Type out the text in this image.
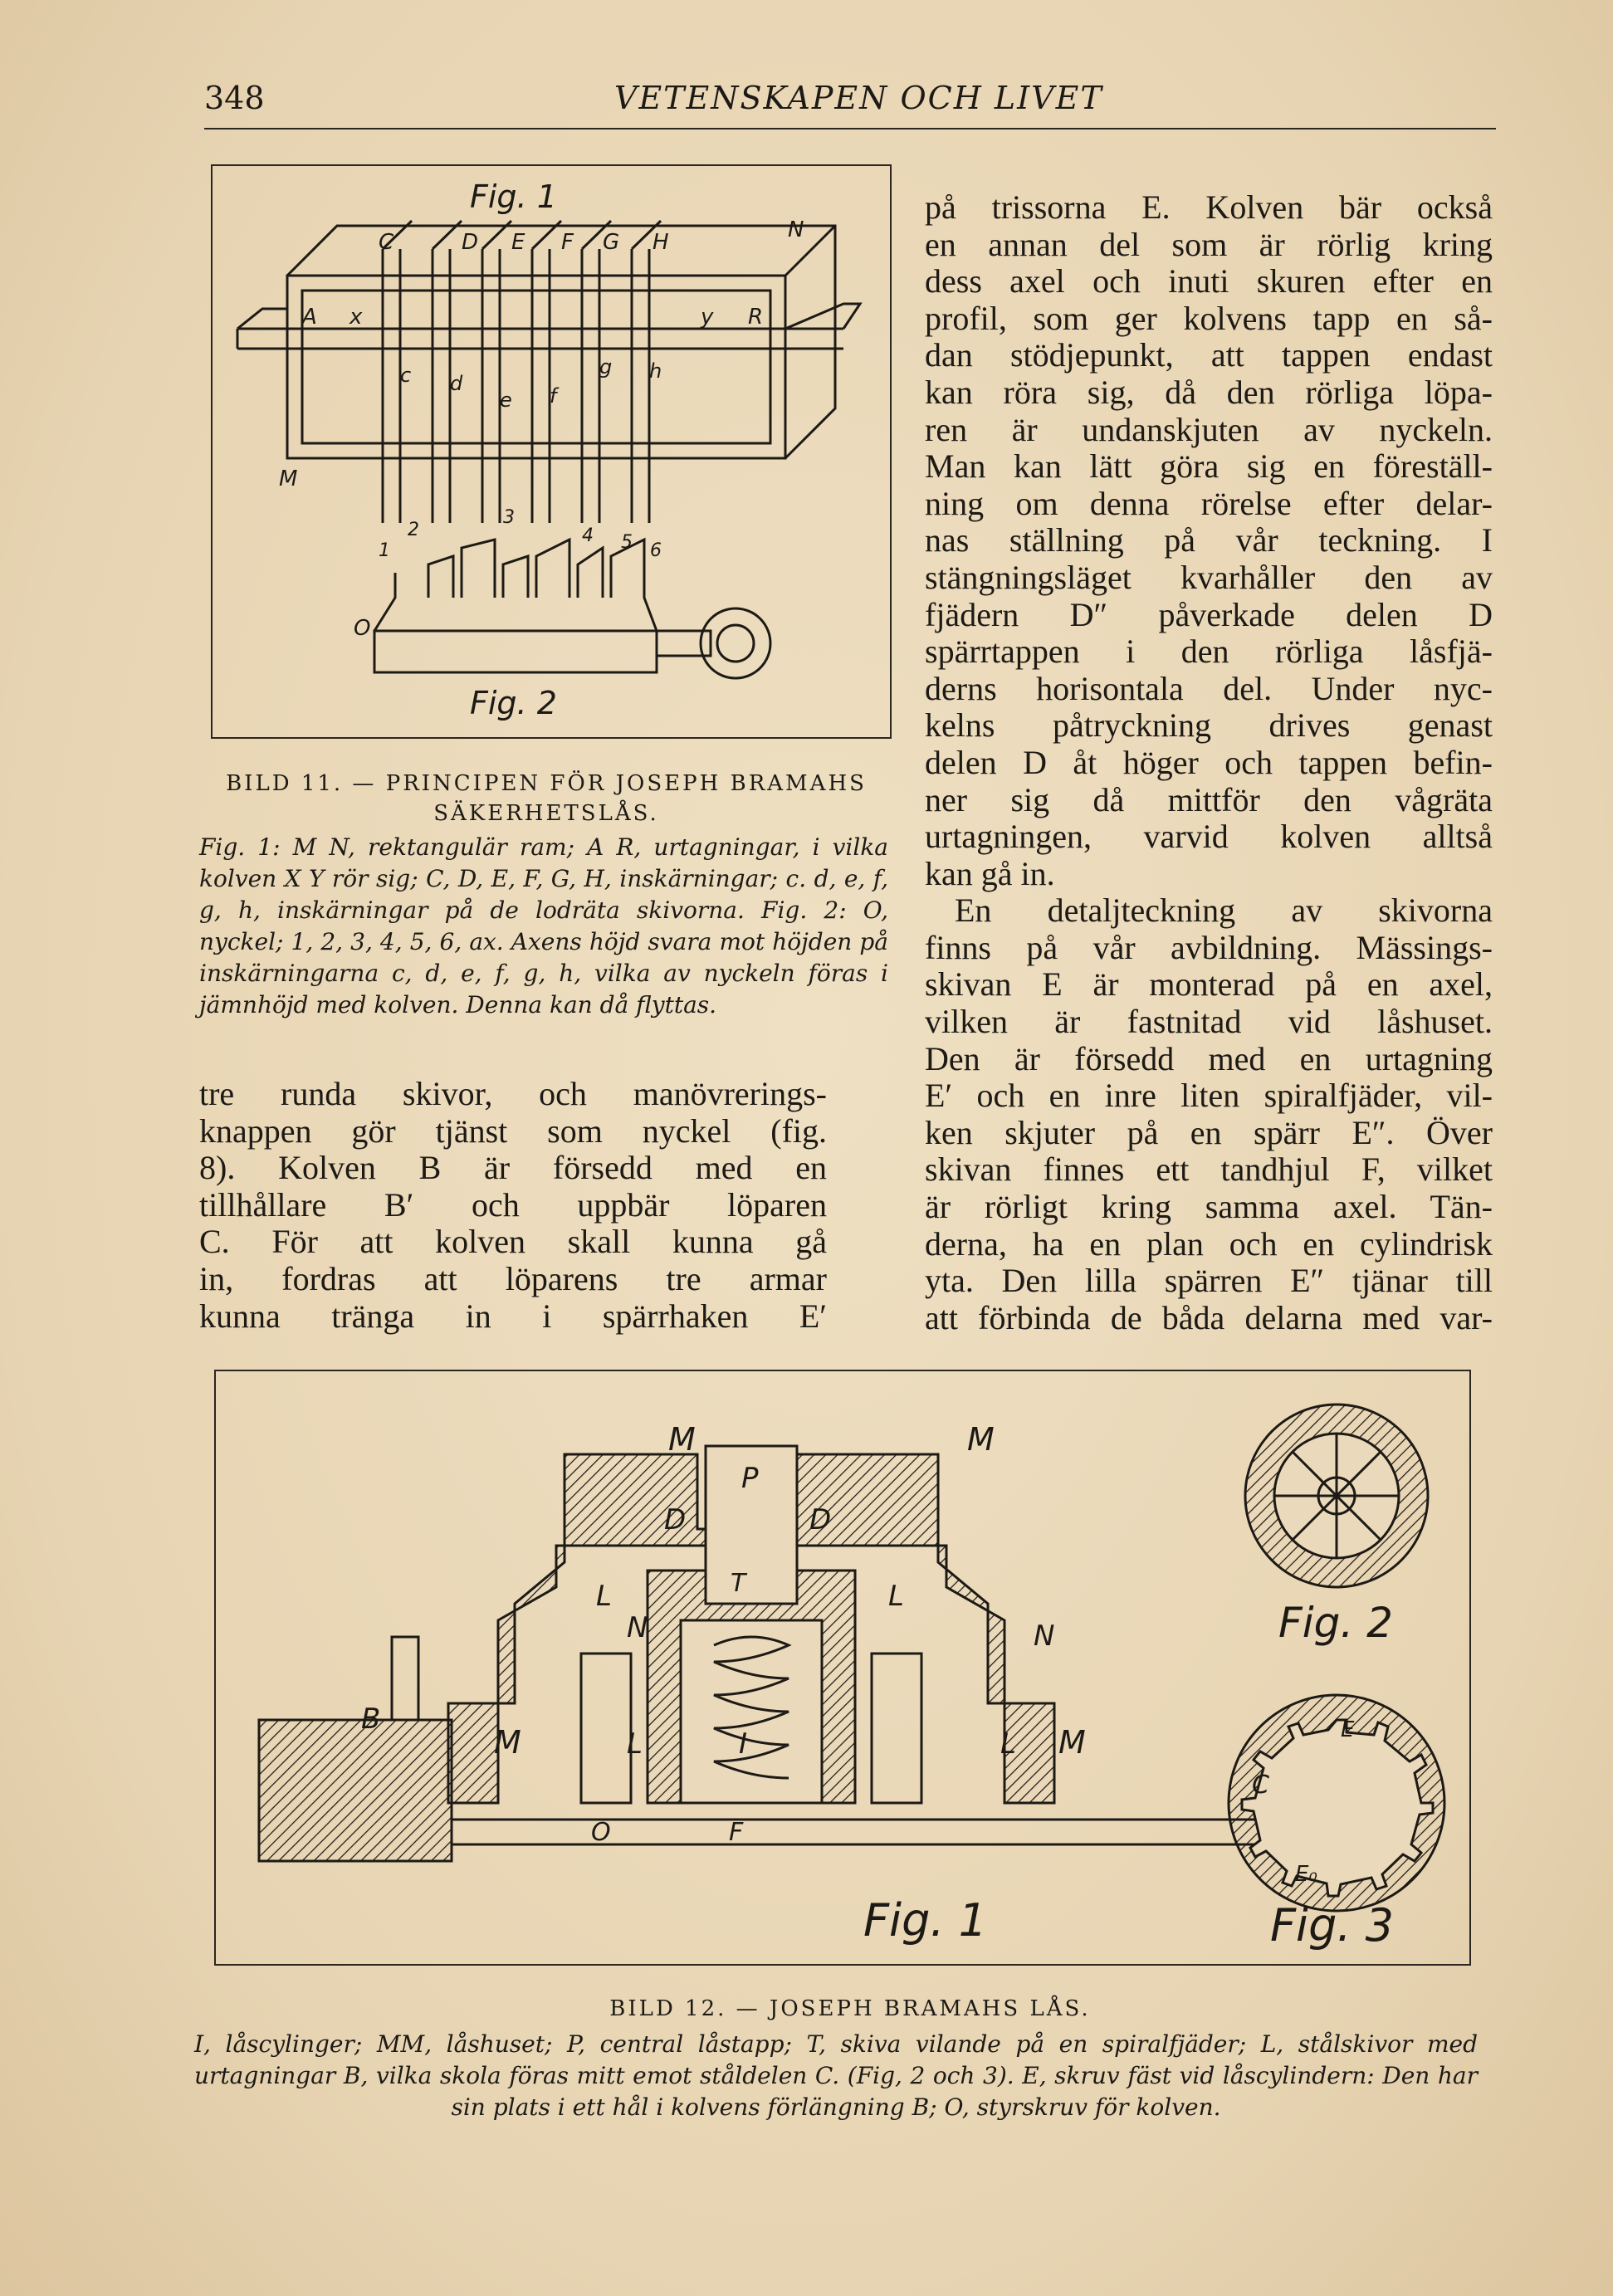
348	VETENSKAPEN OCH LIVET
Fig. 1
Fig. 2
C	D E F G H	N
A x	y R
M
O
c d
e f
g h
1
2
3
4 5 6
BILD 11. — PRINCIPEN FÖR JOSEPH BRAMAHS SÄKERHETSLÅS.
Fig. 1: M N, rektangulär ram; A R, urtagningar, i vilka kolven X Y rör sig; C, D, E, F, G, H, inskärningar; c. d, e, f, g, h, inskärningar på de lodräta skivorna. Fig. 2: O, nyckel; 1, 2, 3, 4, 5, 6, ax. Axens höjd svara mot höjden på inskärningarna c, d, e, f, g, h, vilka av nyckeln föras i jämnhöjd med kolven. Denna kan då flyttas.

tre runda skivor, och manövrerings-

knappen gör tjänst som nyckel (fig.

8). Kolven B är försedd med en

tillhållare B′ och uppbär löparen

C. För att kolven skall kunna gå

in, fordras att löparens tre armar

kunna tränga in i spärrhaken E′

på trissorna E. Kolven bär också

en annan del som är rörlig kring

dess axel och inuti skuren efter en

profil, som ger kolvens tapp en så-

dan stödjepunkt, att tappen endast

kan röra sig, då den rörliga löpa-

ren är undanskjuten av nyckeln.

Man kan lätt göra sig en föreställ-

ning om denna rörelse efter delar-

nas ställning på vår teckning. I

stängningsläget kvarhåller den av

fjädern D″ påverkade delen D

spärrtappen i den rörliga låsfjä-

derns horisontala del. Under nyc-

kelns påtryckning drives genast

delen D åt höger och tappen befin-

ner sig då mittför den vågräta

urtagningen, varvid kolven alltså

kan gå in.

En detaljteckning av skivorna

finns på vår avbildning. Mässings-

skivan E är monterad på en axel,

vilken är fastnitad vid låshuset.

Den är försedd med en urtagning

E′ och en inre liten spiralfjäder, vil-

ken skjuter på en spärr E″. Över

skivan finnes ett tandhjul F, vilket

är rörligt kring samma axel. Tän-

derna, ha en plan och en cylindrisk

yta. Den lilla spärren E″ tjänar till

att förbinda de båda delarna med var-

Fig. 1
Fig. 2
Fig. 3
M	M
M	M
P
D	D
T
L	L
L	L
N	N
B
I
O	F
C
E
E₀
BILD 12. — JOSEPH BRAMAHS LÅS.
I, låscylinger; MM, låshuset; P, central låstapp; T, skiva vilande på en spiralfjäder; L, stålskivor med urtagningar B, vilka skola föras mitt emot ståldelen C. (Fig, 2 och 3). E, skruv fäst vid låscylindern: Den har sin plats i ett hål i kolvens förlängning B; O, styrskruv för kolven.
